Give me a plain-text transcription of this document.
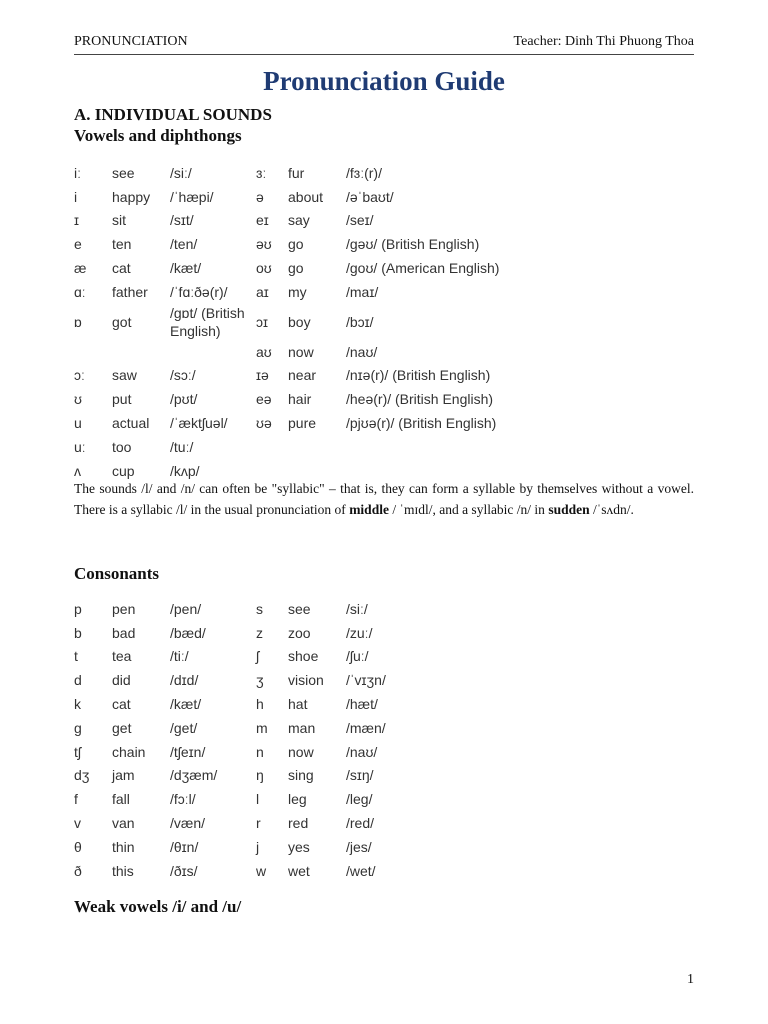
PRONUNCIATION	Teacher: Dinh Thi Phuong Thoa
Pronunciation Guide
A. INDIVIDUAL SOUNDS
Vowels and diphthongs
iː	see	/siː/	ɜː	fur	/fɜː(r)/
i	happy	/ˈhæpi/	ə	about	/əˈbaʊt/
ɪ	sit	/sɪt/	eɪ	say	/seɪ/
e	ten	/ten/	əʊ	go	/ɡəʊ/ (British English)
æ	cat	/kæt/	oʊ	go	/ɡoʊ/ (American English)
ɑː	father	/ˈfɑːðə(r)/	aɪ	my	/maɪ/
ɒ	got	/ɡɒt/ (British English)	ɔɪ	boy	/bɔɪ/
			aʊ	now	/naʊ/
ɔː	saw	/sɔː/	ɪə	near	/nɪə(r)/ (British English)
ʊ	put	/pʊt/	eə	hair	/heə(r)/ (British English)
u	actual	/ˈæktʃuəl/	ʊə	pure	/pjʊə(r)/ (British English)
uː	too	/tuː/			
ʌ	cup	/kʌp/			
The sounds /l/ and /n/ can often be "syllabic" – that is, they can form a syllable by themselves without a vowel. There is a syllabic /l/ in the usual pronunciation of middle / ˈmɪdl/, and a syllabic /n/ in sudden /ˈsʌdn/.
Consonants
p	pen	/pen/	s	see	/siː/
b	bad	/bæd/	z	zoo	/zuː/
t	tea	/tiː/	ʃ	shoe	/ʃuː/
d	did	/dɪd/	ʒ	vision	/ˈvɪʒn/
k	cat	/kæt/	h	hat	/hæt/
ɡ	get	/ɡet/	m	man	/mæn/
tʃ	chain	/tʃeɪn/	n	now	/naʊ/
dʒ	jam	/dʒæm/	ŋ	sing	/sɪŋ/
f	fall	/fɔːl/	l	leg	/leg/
v	van	/væn/	r	red	/red/
θ	thin	/θɪn/	j	yes	/jes/
ð	this	/ðɪs/	w	wet	/wet/
Weak vowels /i/ and /u/
1
